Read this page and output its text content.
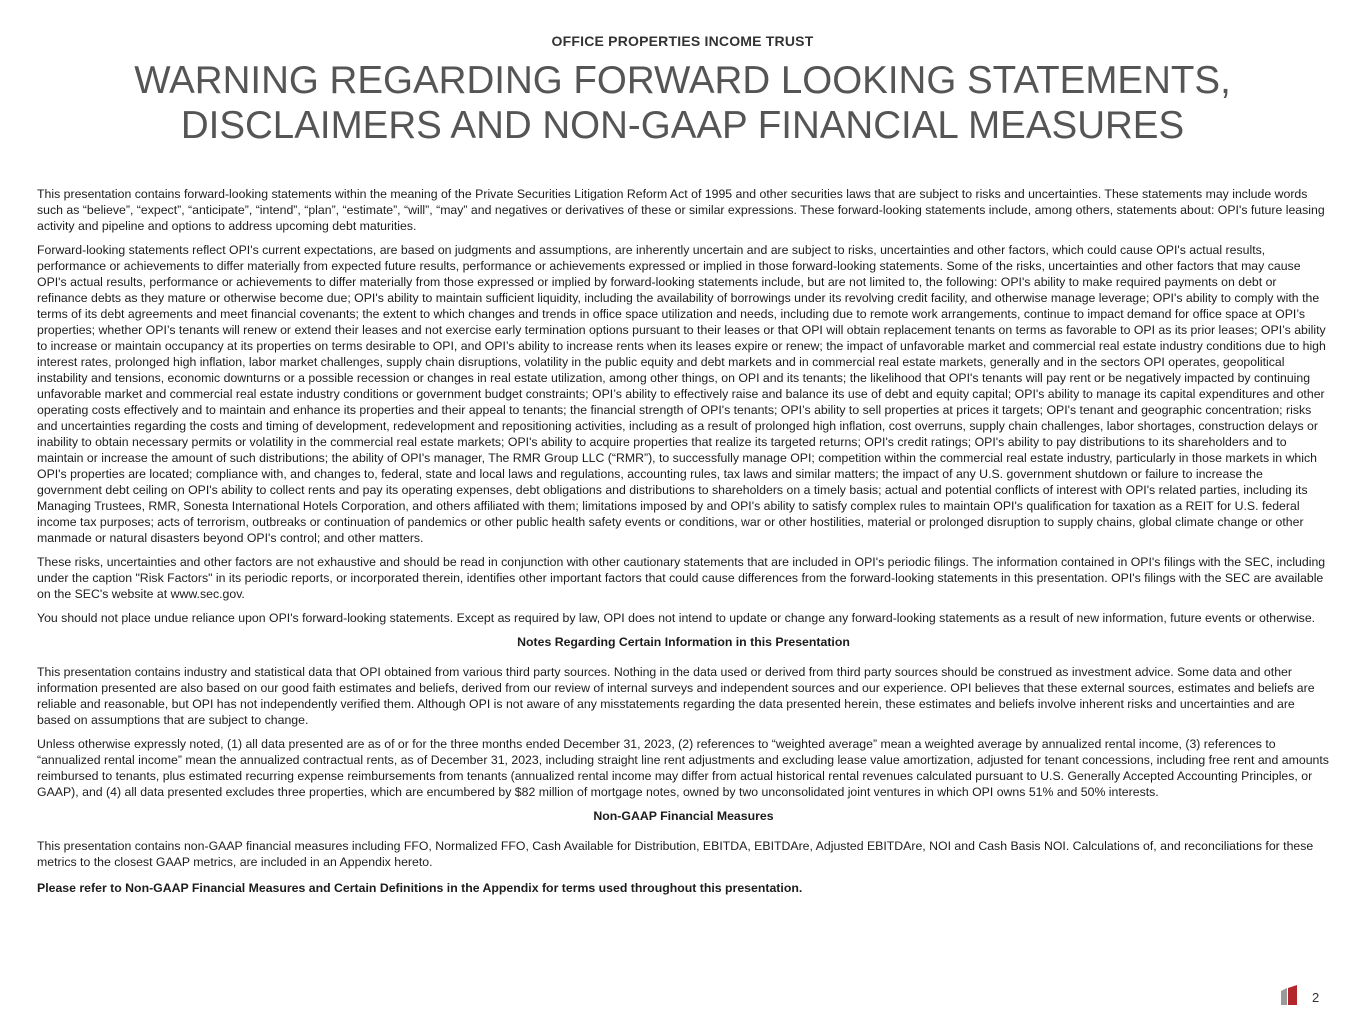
OFFICE PROPERTIES INCOME TRUST
WARNING REGARDING FORWARD LOOKING STATEMENTS, DISCLAIMERS AND NON-GAAP FINANCIAL MEASURES

This presentation contains forward-looking statements within the meaning of the Private Securities Litigation Reform Act of 1995 and other securities laws that are subject to risks and uncertainties. These statements may include words such as “believe”, “expect”, “anticipate”, “intend”, “plan”, “estimate”, “will”, “may” and negatives or derivatives of these or similar expressions. These forward-looking statements include, among others, statements about: OPI's future leasing activity and pipeline and options to address upcoming debt maturities.

Forward-looking statements reflect OPI's current expectations, are based on judgments and assumptions, are inherently uncertain and are subject to risks, uncertainties and other factors, which could cause OPI's actual results, performance or achievements to differ materially from expected future results, performance or achievements expressed or implied in those forward-looking statements. Some of the risks, uncertainties and other factors that may cause OPI's actual results, performance or achievements to differ materially from those expressed or implied by forward-looking statements include, but are not limited to, the following: OPI's ability to make required payments on debt or refinance debts as they mature or otherwise become due; OPI's ability to maintain sufficient liquidity, including the availability of borrowings under its revolving credit facility, and otherwise manage leverage; OPI's ability to comply with the terms of its debt agreements and meet financial covenants; the extent to which changes and trends in office space utilization and needs, including due to remote work arrangements, continue to impact demand for office space at OPI’s properties; whether OPI’s tenants will renew or extend their leases and not exercise early termination options pursuant to their leases or that OPI will obtain replacement tenants on terms as favorable to OPI as its prior leases; OPI’s ability to increase or maintain occupancy at its properties on terms desirable to OPI, and OPI’s ability to increase rents when its leases expire or renew; the impact of unfavorable market and commercial real estate industry conditions due to high interest rates, prolonged high inflation, labor market challenges, supply chain disruptions, volatility in the public equity and debt markets and in commercial real estate markets, generally and in the sectors OPI operates, geopolitical instability and tensions, economic downturns or a possible recession or changes in real estate utilization, among other things, on OPI and its tenants; the likelihood that OPI's tenants will pay rent or be negatively impacted by continuing unfavorable market and commercial real estate industry conditions or government budget constraints; OPI’s ability to effectively raise and balance its use of debt and equity capital; OPI's ability to manage its capital expenditures and other operating costs effectively and to maintain and enhance its properties and their appeal to tenants; the financial strength of OPI's tenants; OPI’s ability to sell properties at prices it targets; OPI's tenant and geographic concentration; risks and uncertainties regarding the costs and timing of development, redevelopment and repositioning activities, including as a result of prolonged high inflation, cost overruns, supply chain challenges, labor shortages, construction delays or inability to obtain necessary permits or volatility in the commercial real estate markets; OPI's ability to acquire properties that realize its targeted returns; OPI's credit ratings; OPI's ability to pay distributions to its shareholders and to maintain or increase the amount of such distributions; the ability of OPI's manager, The RMR Group LLC (“RMR”), to successfully manage OPI; competition within the commercial real estate industry, particularly in those markets in which OPI's properties are located; compliance with, and changes to, federal, state and local laws and regulations, accounting rules, tax laws and similar matters; the impact of any U.S. government shutdown or failure to increase the government debt ceiling on OPI's ability to collect rents and pay its operating expenses, debt obligations and distributions to shareholders on a timely basis; actual and potential conflicts of interest with OPI's related parties, including its Managing Trustees, RMR, Sonesta International Hotels Corporation, and others affiliated with them; limitations imposed by and OPI's ability to satisfy complex rules to maintain OPI's qualification for taxation as a REIT for U.S. federal income tax purposes; acts of terrorism, outbreaks or continuation of pandemics or other public health safety events or conditions, war or other hostilities, material or prolonged disruption to supply chains, global climate change or other manmade or natural disasters beyond OPI's control; and other matters.

These risks, uncertainties and other factors are not exhaustive and should be read in conjunction with other cautionary statements that are included in OPI's periodic filings. The information contained in OPI's filings with the SEC, including under the caption "Risk Factors" in its periodic reports, or incorporated therein, identifies other important factors that could cause differences from the forward-looking statements in this presentation. OPI's filings with the SEC are available on the SEC's website at www.sec.gov.

You should not place undue reliance upon OPI's forward-looking statements. Except as required by law, OPI does not intend to update or change any forward-looking statements as a result of new information, future events or otherwise.

Notes Regarding Certain Information in this Presentation

This presentation contains industry and statistical data that OPI obtained from various third party sources. Nothing in the data used or derived from third party sources should be construed as investment advice. Some data and other information presented are also based on our good faith estimates and beliefs, derived from our review of internal surveys and independent sources and our experience. OPI believes that these external sources, estimates and beliefs are reliable and reasonable, but OPI has not independently verified them. Although OPI is not aware of any misstatements regarding the data presented herein, these estimates and beliefs involve inherent risks and uncertainties and are based on assumptions that are subject to change.

Unless otherwise expressly noted, (1) all data presented are as of or for the three months ended December 31, 2023, (2) references to “weighted average” mean a weighted average by annualized rental income, (3) references to “annualized rental income” mean the annualized contractual rents, as of December 31, 2023, including straight line rent adjustments and excluding lease value amortization, adjusted for tenant concessions, including free rent and amounts reimbursed to tenants, plus estimated recurring expense reimbursements from tenants (annualized rental income may differ from actual historical rental revenues calculated pursuant to U.S. Generally Accepted Accounting Principles, or GAAP), and (4) all data presented excludes three properties, which are encumbered by $82 million of mortgage notes, owned by two unconsolidated joint ventures in which OPI owns 51% and 50% interests.

Non-GAAP Financial Measures

This presentation contains non-GAAP financial measures including FFO, Normalized FFO, Cash Available for Distribution, EBITDA, EBITDAre, Adjusted EBITDAre, NOI and Cash Basis NOI. Calculations of, and reconciliations for these metrics to the closest GAAP metrics, are included in an Appendix hereto.

Please refer to Non-GAAP Financial Measures and Certain Definitions in the Appendix for terms used throughout this presentation.

2
